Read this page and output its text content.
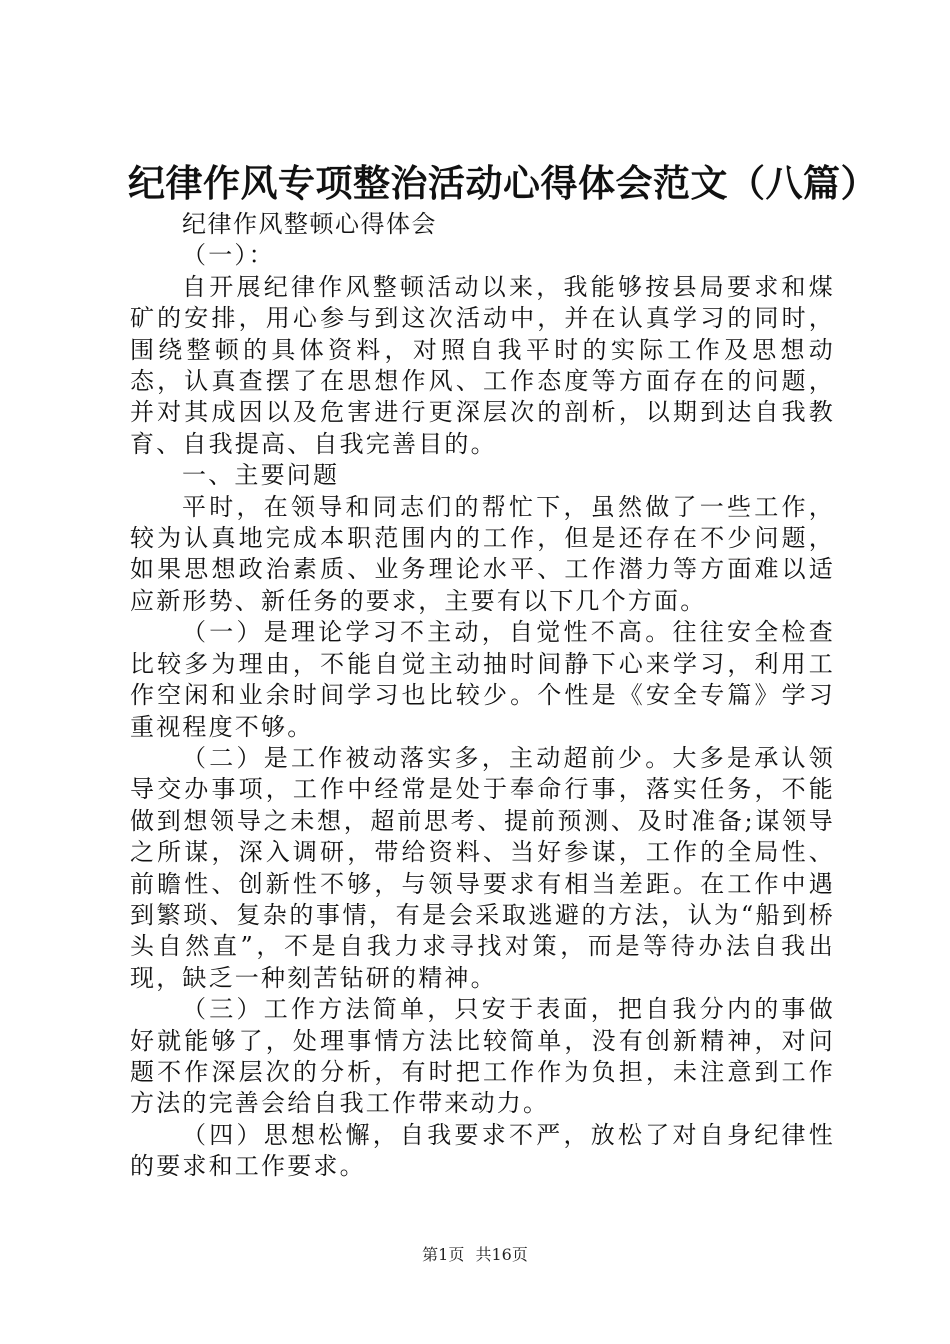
纪律作风专项整治活动心得体会范文（八篇）

纪律作风整顿心得体会

（一）：

自开展纪律作风整顿活动以来，我能够按县局要求和煤矿的安排，用心参与到这次活动中，并在认真学习的同时，围绕整顿的具体资料，对照自我平时的实际工作及思想动态，认真查摆了在思想作风、工作态度等方面存在的问题，并对其成因以及危害进行更深层次的剖析，以期到达自我教育、自我提高、自我完善目的。

一、主要问题

平时，在领导和同志们的帮忙下，虽然做了一些工作，较为认真地完成本职范围内的工作，但是还存在不少问题，如果思想政治素质、业务理论水平、工作潜力等方面难以适应新形势、新任务的要求，主要有以下几个方面。

（一）是理论学习不主动，自觉性不高。往往安全检查比较多为理由，不能自觉主动抽时间静下心来学习，利用工作空闲和业余时间学习也比较少。个性是《安全专篇》学习重视程度不够。

（二）是工作被动落实多，主动超前少。大多是承认领导交办事项，工作中经常是处于奉命行事，落实任务，不能做到想领导之未想，超前思考、提前预测、及时准备;谋领导之所谋，深入调研，带给资料、当好参谋，工作的全局性、前瞻性、创新性不够，与领导要求有相当差距。在工作中遇到繁琐、复杂的事情，有是会采取逃避的方法，认为“船到桥头自然直”，不是自我力求寻找对策，而是等待办法自我出现，缺乏一种刻苦钻研的精神。

（三）工作方法简单，只安于表面，把自我分内的事做好就能够了，处理事情方法比较简单，没有创新精神，对问题不作深层次的分析，有时把工作作为负担，未注意到工作方法的完善会给自我工作带来动力。

（四）思想松懈，自我要求不严，放松了对自身纪律性的要求和工作要求。

第1页 共16页
